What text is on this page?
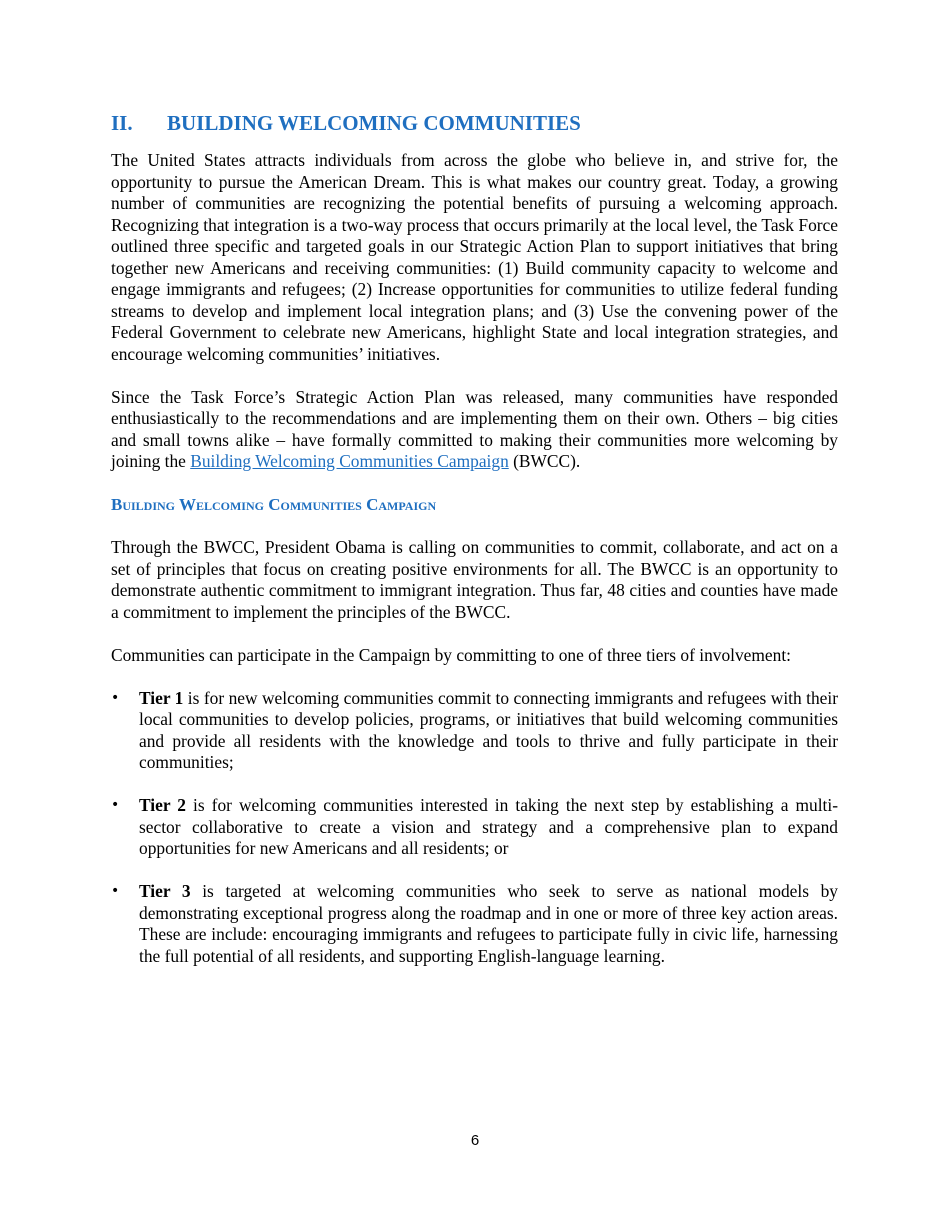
II.	BUILDING WELCOMING COMMUNITIES

The United States attracts individuals from across the globe who believe in, and strive for, the opportunity to pursue the American Dream. This is what makes our country great. Today, a growing number of communities are recognizing the potential benefits of pursuing a welcoming approach. Recognizing that integration is a two-way process that occurs primarily at the local level, the Task Force outlined three specific and targeted goals in our Strategic Action Plan to support initiatives that bring together new Americans and receiving communities: (1) Build community capacity to welcome and engage immigrants and refugees; (2) Increase opportunities for communities to utilize federal funding streams to develop and implement local integration plans; and (3) Use the convening power of the Federal Government to celebrate new Americans, highlight State and local integration strategies, and encourage welcoming communities’ initiatives.

Since the Task Force’s Strategic Action Plan was released, many communities have responded enthusiastically to the recommendations and are implementing them on their own. Others – big cities and small towns alike – have formally committed to making their communities more welcoming by joining the Building Welcoming Communities Campaign (BWCC).

Building Welcoming Communities Campaign

Through the BWCC, President Obama is calling on communities to commit, collaborate, and act on a set of principles that focus on creating positive environments for all. The BWCC is an opportunity to demonstrate authentic commitment to immigrant integration. Thus far, 48 cities and counties have made a commitment to implement the principles of the BWCC.

Communities can participate in the Campaign by committing to one of three tiers of involvement:

•	Tier 1 is for new welcoming communities commit to connecting immigrants and refugees with their local communities to develop policies, programs, or initiatives that build welcoming communities and provide all residents with the knowledge and tools to thrive and fully participate in their communities;
•	Tier 2 is for welcoming communities interested in taking the next step by establishing a multi-sector collaborative to create a vision and strategy and a comprehensive plan to expand opportunities for new Americans and all residents; or
•	Tier 3 is targeted at welcoming communities who seek to serve as national models by demonstrating exceptional progress along the roadmap and in one or more of three key action areas. These are include: encouraging immigrants and refugees to participate fully in civic life, harnessing the full potential of all residents, and supporting English-language learning.
6
